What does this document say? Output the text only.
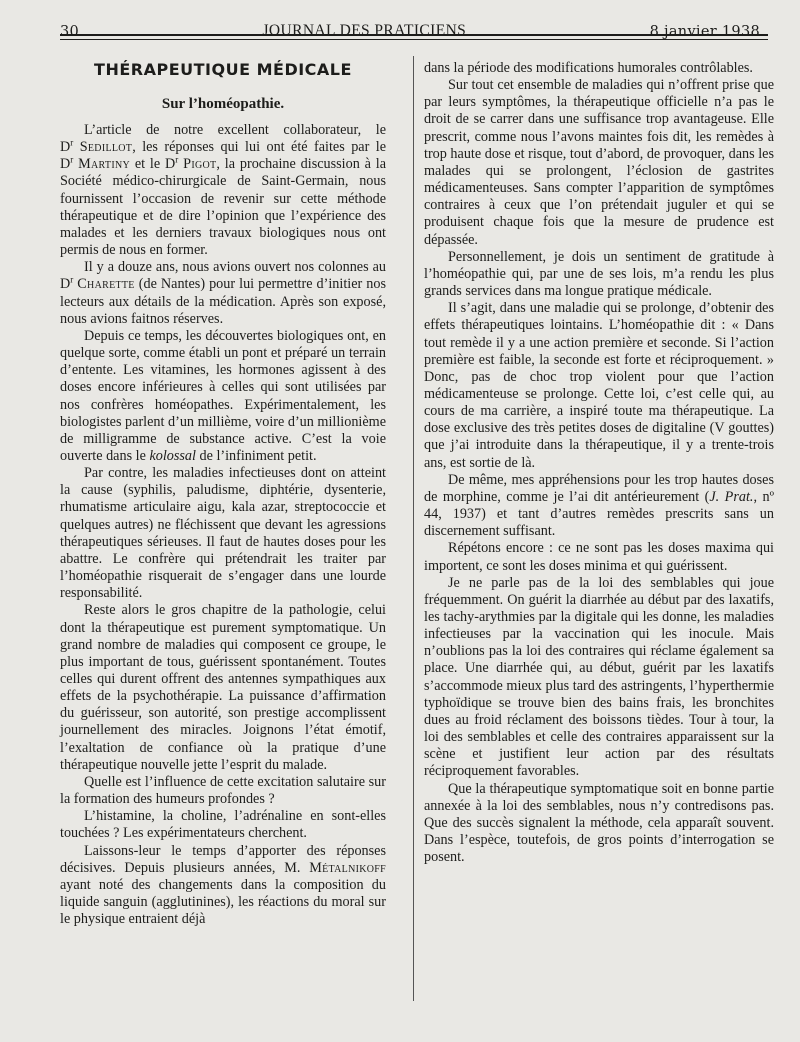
30	JOURNAL DES PRATICIENS	8 janvier 1938
THÉRAPEUTIQUE MÉDICALE
Sur l’homéopathie.

L’article de notre excellent collaborateur, le $D^r$ Sedillot, les réponses qui lui ont été faites par le $D^r$ Martiny et le $D^r$ Pigot, la prochaine discussion à la Société médico-chirurgicale de Saint-Germain, nous fournissent l’occasion de revenir sur cette méthode thérapeutique et de dire l’opinion que l’expérience des malades et les derniers travaux biologiques nous ont permis de nous en former.

Il y a douze ans, nous avions ouvert nos colonnes au $D^r$ Charette (de Nantes) pour lui permettre d’initier nos lecteurs aux détails de la médication. Après son exposé, nous avions faitnos réserves.

Depuis ce temps, les découvertes biologiques ont, en quelque sorte, comme établi un pont et préparé un terrain d’entente. Les vitamines, les hormones agissent à des doses encore inférieures à celles qui sont utilisées par nos confrères homéopathes. Expérimentalement, les biologistes parlent d’un millième, voire d’un millionième de milligramme de substance active. C’est la voie ouverte dans le kolossal de l’infiniment petit.

Par contre, les maladies infectieuses dont on atteint la cause (syphilis, paludisme, diphtérie, dysenterie, rhumatisme articulaire aigu, kala azar, streptococcie et quelques autres) ne fléchissent que devant les agressions thérapeutiques sérieuses. Il faut de hautes doses pour les abattre. Le confrère qui prétendrait les traiter par l’homéopathie risquerait de s’engager dans une lourde responsabilité.

Reste alors le gros chapitre de la pathologie, celui dont la thérapeutique est purement symptomatique. Un grand nombre de maladies qui composent ce groupe, le plus important de tous, guérissent spontanément. Toutes celles qui durent offrent des antennes sympathiques aux effets de la psychothérapie. La puissance d’affirmation du guérisseur, son autorité, son prestige accomplissent journellement des miracles. Joignons l’état émotif, l’exaltation de confiance où la pratique d’une thérapeutique nouvelle jette l’esprit du malade.

Quelle est l’influence de cette excitation salutaire sur la formation des humeurs profondes ?

L’histamine, la choline, l’adrénaline en sont-elles touchées ? Les expérimentateurs cherchent.

Laissons-leur le temps d’apporter des réponses décisives. Depuis plusieurs années, M. Métalnikoff ayant noté des changements dans la composition du liquide sanguin (agglutinines), les réactions du moral sur le physique entraient déjà

dans la période des modifications humorales contrôlables.

Sur tout cet ensemble de maladies qui n’offrent prise que par leurs symptômes, la thérapeutique officielle n’a pas le droit de se carrer dans une suffisance trop avantageuse. Elle prescrit, comme nous l’avons maintes fois dit, les remèdes à trop haute dose et risque, tout d’abord, de provoquer, dans les malades qui se prolongent, l’éclosion de gastrites médicamenteuses. Sans compter l’apparition de symptômes contraires à ceux que l’on prétendait juguler et qui se produisent chaque fois que la mesure de prudence est dépassée.

Personnellement, je dois un sentiment de gratitude à l’homéopathie qui, par une de ses lois, m’a rendu les plus grands services dans ma longue pratique médicale.

Il s’agit, dans une maladie qui se prolonge, d’obtenir des effets thérapeutiques lointains. L’homéopathie dit : « Dans tout remède il y a une action première et seconde. Si l’action première est faible, la seconde est forte et réciproquement. » Donc, pas de choc trop violent pour que l’action médicamenteuse se prolonge. Cette loi, c’est celle qui, au cours de ma carrière, a inspiré toute ma thérapeutique. La dose exclusive des très petites doses de digitaline (V gouttes) que j’ai introduite dans la thérapeutique, il y a trente-trois ans, est sortie de là.

De même, mes appréhensions pour les trop hautes doses de morphine, comme je l’ai dit antérieurement (J. Prat., nº 44, 1937) et tant d’autres remèdes prescrits sans un discernement suffisant.

Répétons encore : ce ne sont pas les doses maxima qui importent, ce sont les doses minima et qui guérissent.

Je ne parle pas de la loi des semblables qui joue fréquemment. On guérit la diarrhée au début par des laxatifs, les tachy-arythmies par la digitale qui les donne, les maladies infectieuses par la vaccination qui les inocule. Mais n’oublions pas la loi des contraires qui réclame également sa place. Une diarrhée qui, au début, guérit par les laxatifs s’accommode mieux plus tard des astringents, l’hyperthermie typhoïdique se trouve bien des bains frais, les bronchites dues au froid réclament des boissons tièdes. Tour à tour, la loi des semblables et celle des contraires apparaissent sur la scène et justifient leur action par des résultats réciproquement favorables.

Que la thérapeutique symptomatique soit en bonne partie annexée à la loi des semblables, nous n’y contredisons pas. Que des succès signalent la méthode, cela apparaît souvent. Dans l’espèce, toutefois, de gros points d’interrogation se posent.
